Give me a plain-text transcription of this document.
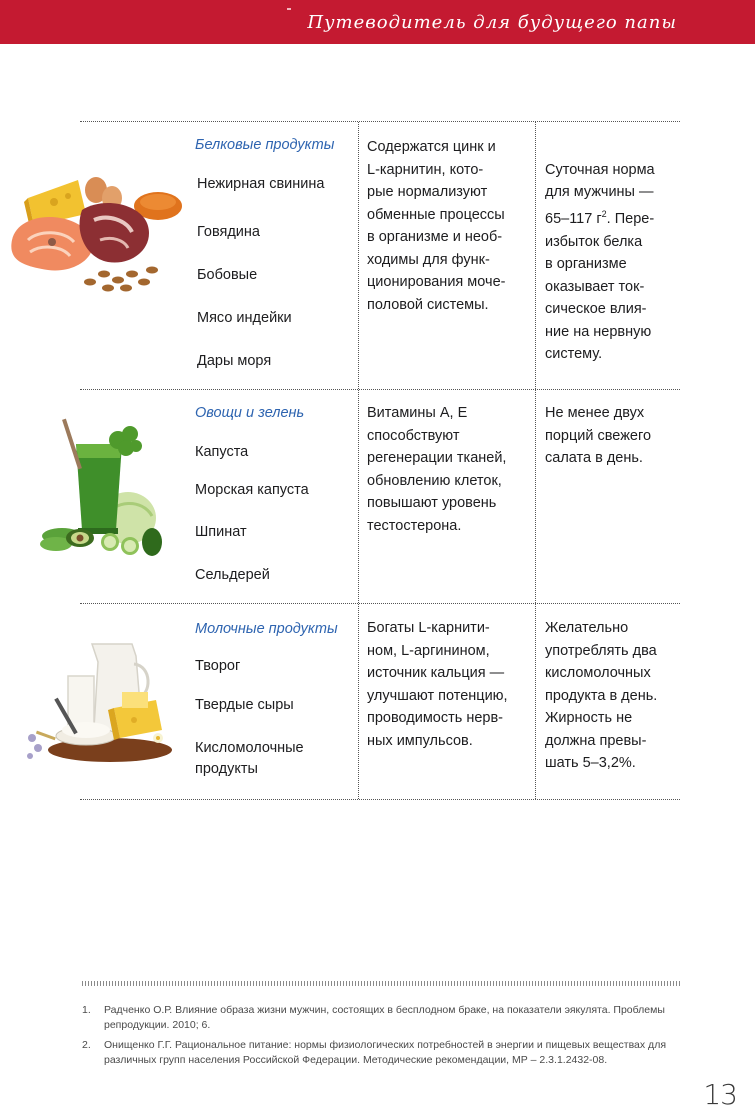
Путеводитель для будущего папы
Белковые продукты
Нежирная свинина
Говядина
Бобовые
Мясо индейки
Дары моря
Содержатся цинк и
L-карнитин, кото-
рые нормализуют
обменные процессы
в организме и необ-
ходимы для функ-
ционирования моче-
половой системы.

Суточная норма
для мужчины —
65–117 $г^2$. Пере-
избыток белка
в организме
оказывает ток-
сическое влия-
ние на нервную
систему.

Овощи и зелень
Капуста
Морская капуста
Шпинат
Сельдерей
Витамины А, Е
способствуют
регенерации тканей,
обновлению клеток,
повышают уровень
тестостерона.
Не менее двух
порций свежего
салата в день.
Молочные продукты
Творог
Твердые сыры
Кисломолочные
продукты
Богаты L-карнити-
ном, L-аргинином,
источник кальция —
улучшают потенцию,
проводимость нерв-
ных импульсов.
Желательно
употреблять два
кисломолочных
продукта в день.
Жирность не
должна превы-
шать 5–3,2%.
1.	Радченко О.Р. Влияние образа жизни мужчин, состоящих в бесплодном браке, на показатели эякулята. Проблемы репродукции. 2010; 6.
2.	Онищенко Г.Г. Рациональное питание: нормы физиологических потребностей в энергии и пищевых веществах для различных групп населения Российской Федерации. Методические рекомендации, МР – 2.3.1.2432-08.
13
